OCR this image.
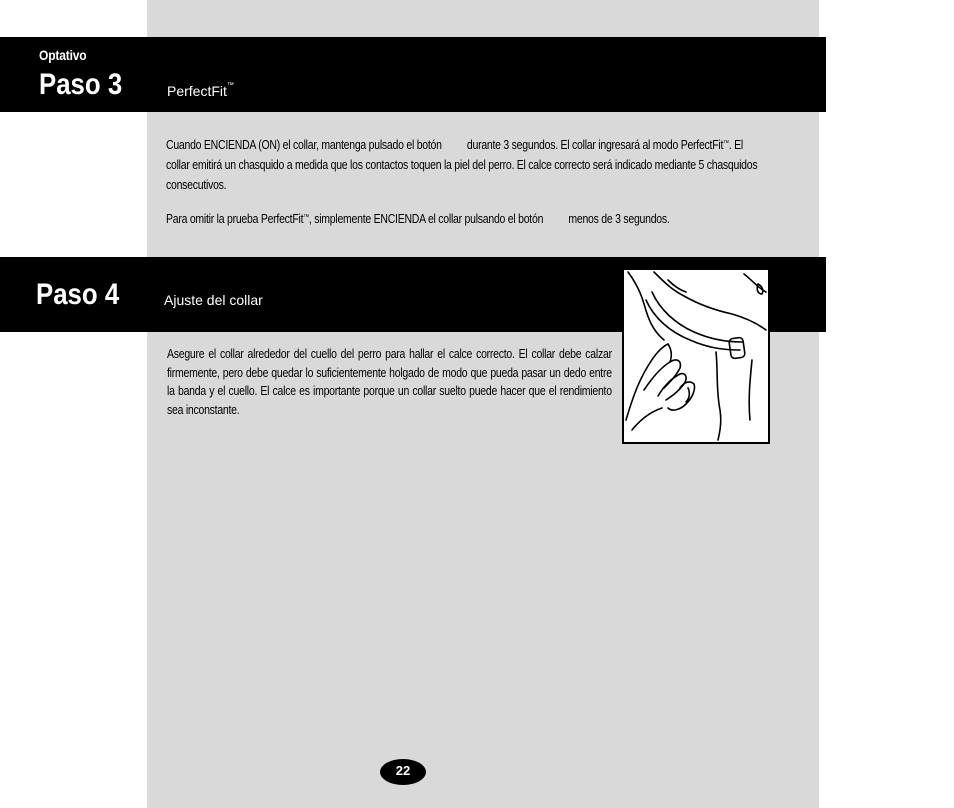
Optativo
Paso 3	PerfectFit™
Cuando ENCIENDA (ON) el collar, mantenga pulsado el botón durante 3 segundos. El collar ingresará al modo PerfectFit™. El collar emitirá un chasquido a medida que los contactos toquen la piel del perro. El calce correcto será indicado mediante 5 chasquidos consecutivos.
Para omitir la prueba PerfectFit™, simplemente ENCIENDA el collar pulsando el botón menos de 3 segundos.
Paso 4	Ajuste del collar
Asegure el collar alrededor del cuello del perro para hallar el calce correcto. El collar debe calzar firmemente, pero debe quedar lo suficientemente holgado de modo que pueda pasar un dedo entre la banda y el cuello. El calce es importante porque un collar suelto puede hacer que el rendimiento sea inconstante.
22
